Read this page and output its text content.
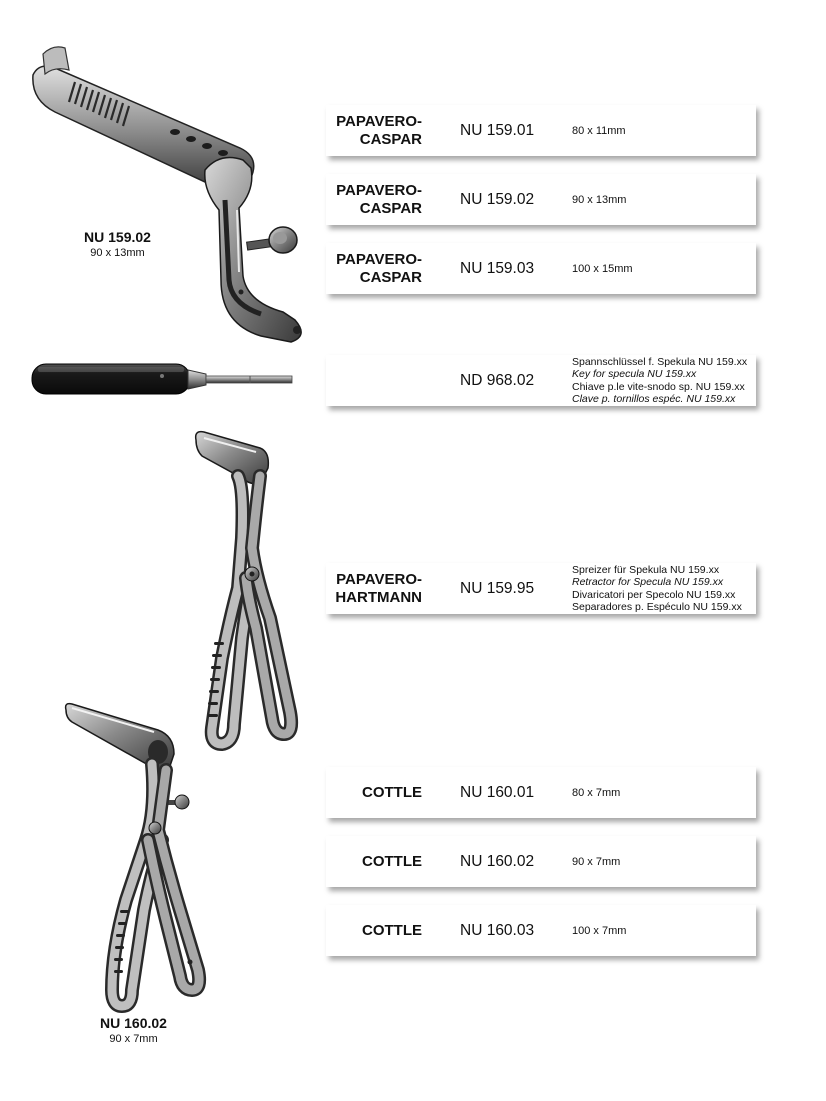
NU 159.02
90 x 13mm
NU 160.02
90 x 7mm
PAPAVERO-
CASPAR
NU 159.01	80 x 11mm
PAPAVERO-
CASPAR
NU 159.02	90 x 13mm
PAPAVERO-
CASPAR
NU 159.03	100 x 15mm
ND 968.02
Spannschlüssel f. Spekula NU 159.xx
Key for specula NU 159.xx
Chiave p.le vite-snodo sp. NU 159.xx
Clave p. tornillos espéc. NU 159.xx
PAPAVERO-
HARTMANN
NU 159.95
Spreizer für Spekula NU 159.xx
Retractor for Specula NU 159.xx
Divaricatori per Specolo NU 159.xx
Separadores p. Espéculo NU 159.xx
COTTLE NU 160.01	80 x 7mm
COTTLE NU 160.02	90 x 7mm
COTTLE NU 160.03	100 x 7mm
